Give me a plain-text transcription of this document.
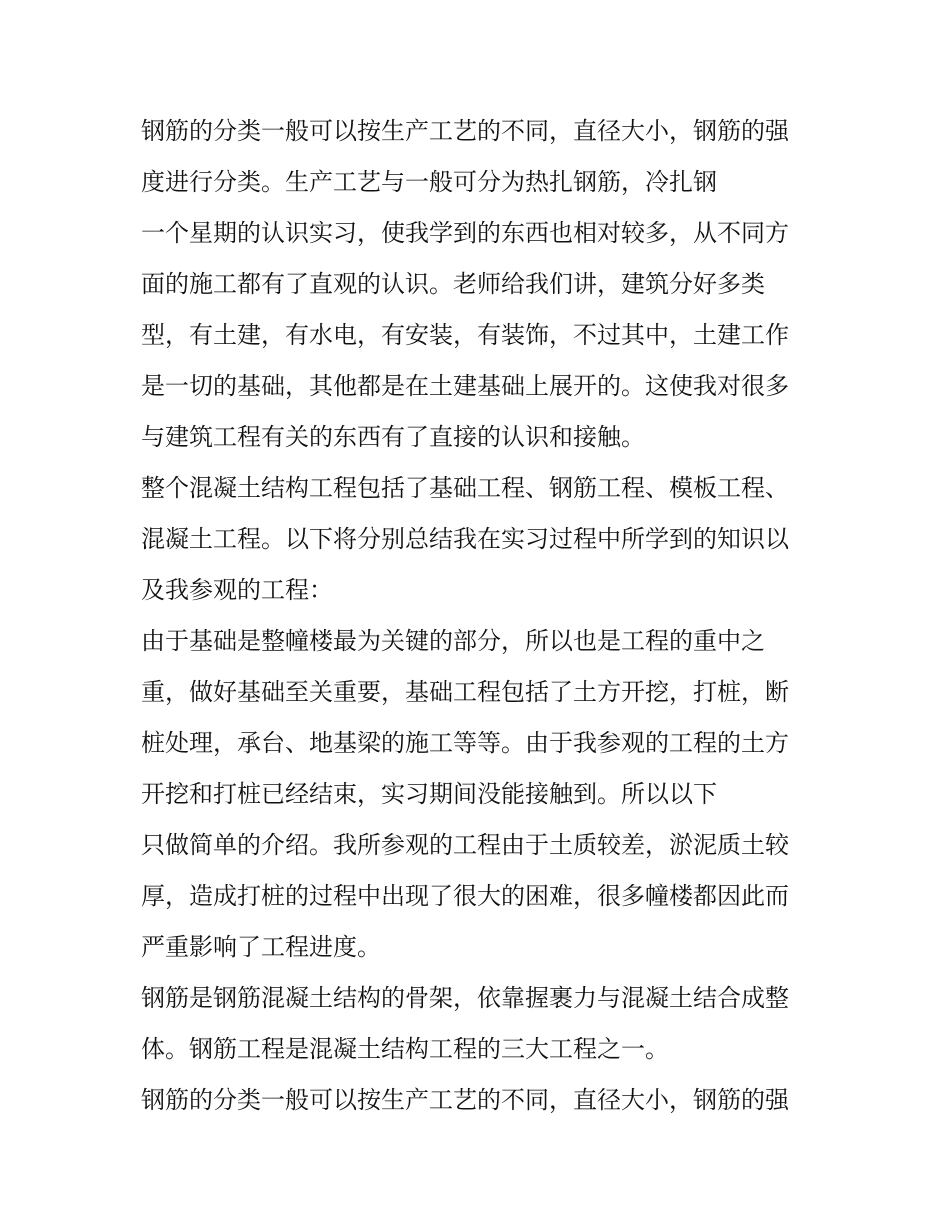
钢筋的分类一般可以按生产工艺的不同，直径大小，钢筋的强
度进行分类。生产工艺与一般可分为热扎钢筋，冷扎钢
一个星期的认识实习，使我学到的东西也相对较多，从不同方
面的施工都有了直观的认识。老师给我们讲，建筑分好多类
型，有土建，有水电，有安装，有装饰，不过其中，土建工作
是一切的基础，其他都是在土建基础上展开的。这使我对很多
与建筑工程有关的东西有了直接的认识和接触。
整个混凝土结构工程包括了基础工程、钢筋工程、模板工程、
混凝土工程。以下将分别总结我在实习过程中所学到的知识以
及我参观的工程：
由于基础是整幢楼最为关键的部分，所以也是工程的重中之
重，做好基础至关重要，基础工程包括了土方开挖，打桩，断
桩处理，承台、地基梁的施工等等。由于我参观的工程的土方
开挖和打桩已经结束，实习期间没能接触到。所以以下
只做简单的介绍。我所参观的工程由于土质较差，淤泥质土较
厚，造成打桩的过程中出现了很大的困难，很多幢楼都因此而
严重影响了工程进度。
钢筋是钢筋混凝土结构的骨架，依靠握裹力与混凝土结合成整
体。钢筋工程是混凝土结构工程的三大工程之一。
钢筋的分类一般可以按生产工艺的不同，直径大小，钢筋的强
